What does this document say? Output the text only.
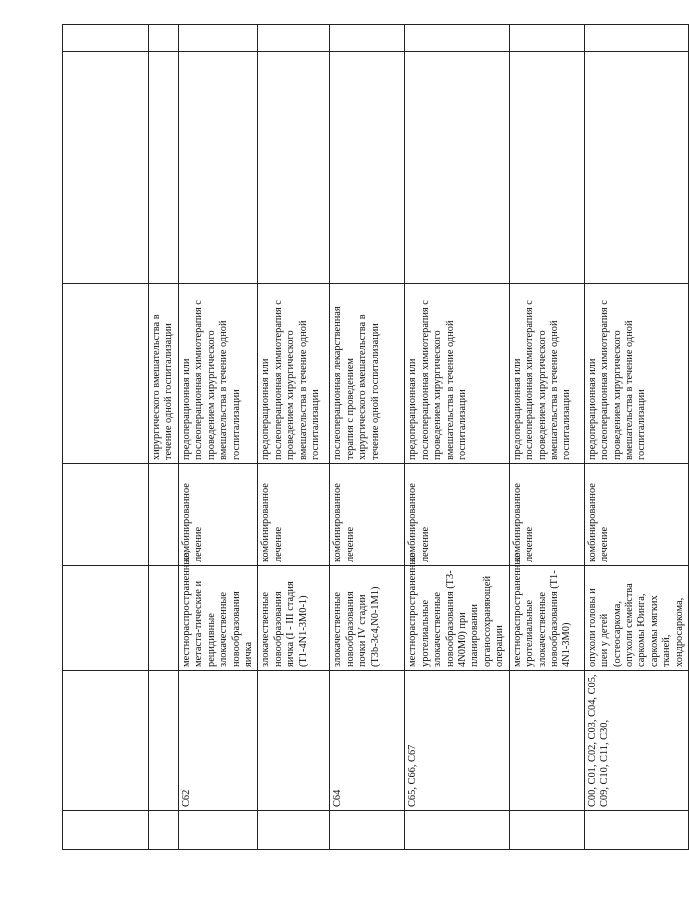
				хирургического вмешательства в течение одной госпитализации		
	C62	местнораспространенные, метаста-тические и рецидивные злокачественные новообразования яичка	комбинированное лечение	предоперационная или послеоперационная химиотерапия с проведением хирургического вмешательства в течение одной госпитализации		
		злокачественные новообразования яичка (I - III стадия (T1-4N1-3M0-1)	комбинированное лечение	предоперационная или послеоперационная химиотерапия с проведением хирургического вмешательства в течение одной госпитализации		
	C64	злокачественные новообразования почки IV стадии (T3b-3c4,N0-1M1)	комбинированное лечение	послеоперационная лекарственная терапия с проведением хирургического вмешательства в течение одной госпитализации		
	C65, C66, C67	местнораспространенные уротелиальные злокачественные новообразования (T3-4N0M0) при планировании органосохраняющей операции	комбинированное лечение	предоперационная или послеоперационная химиотерапия с проведением хирургического вмешательства в течение одной госпитализации		
		местнораспространенные уротелиальные злокачественные новообразования (T1-4N1-3M0)	комбинированное лечение	предоперационная или послеоперационная химиотерапия с проведением хирургического вмешательства в течение одной госпитализации		
	C00, C01, C02, C03, C04, C05, C09, C10, C11, C30,	опухоли головы и шеи у детей (остеосаркома, опухоли семейства саркомы Юинга, саркомы мягких тканей, хондросаркома,	комбинированное лечение	предоперационная или послеоперационная химиотерапия с проведением хирургического вмешательства в течение одной госпитализации		
